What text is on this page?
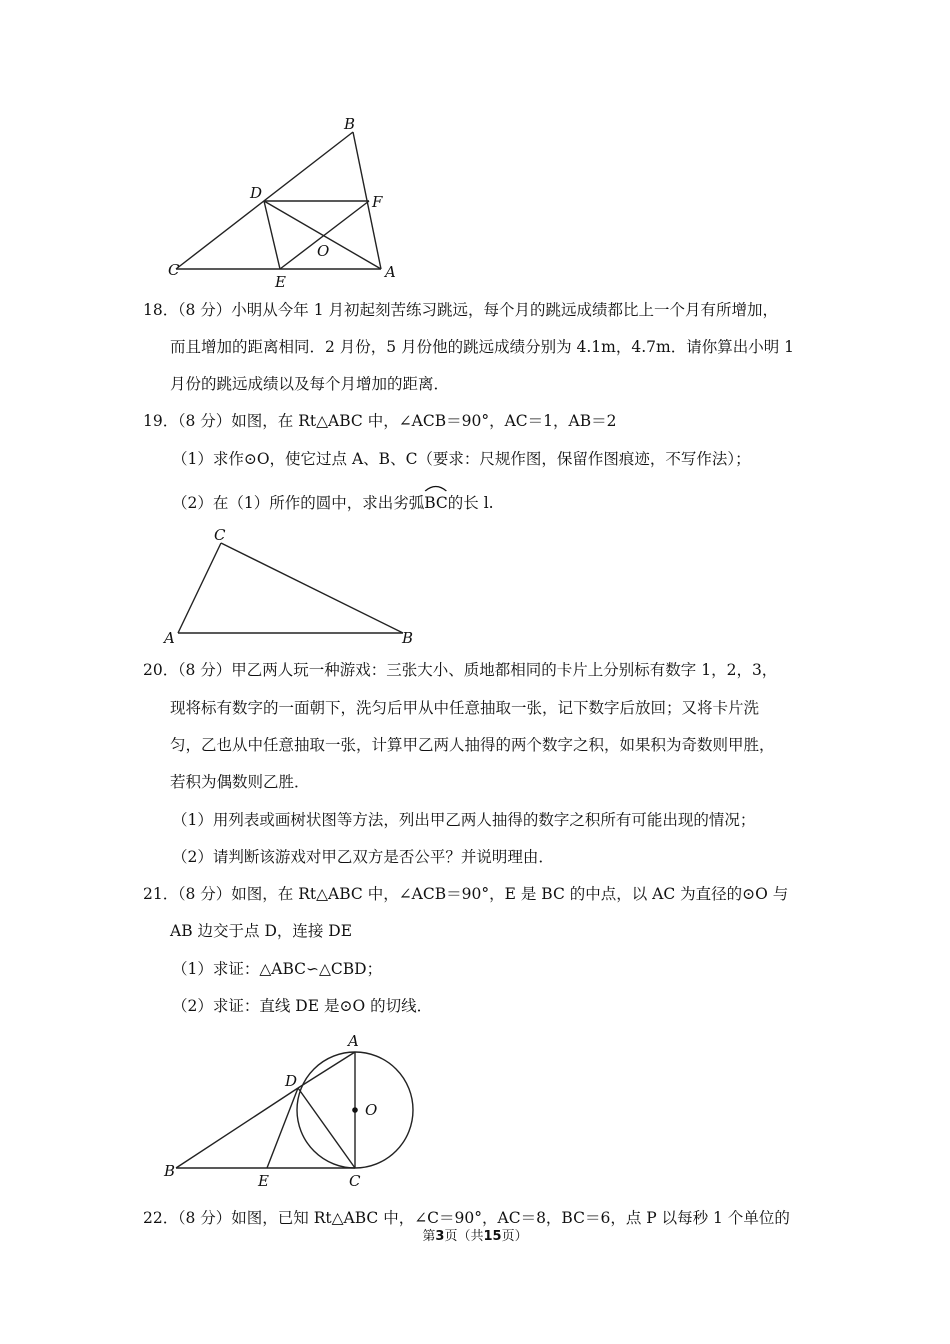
B
D	F
O
C
E
A
18．
（8 分）小明从今年 1 月初起刻苦练习跳远，每个月的跳远成绩都比上一个月有所增加，
而且增加的距离相同．2 月份，5 月份他的跳远成绩分别为 4.1m，4.7m．请你算出小明 1
月份的跳远成绩以及每个月增加的距离．
19．
（8 分）如图，在 Rt△ABC 中，∠ACB＝90°，AC＝1，AB＝2
（1）求作⊙O，使它过点 A、B、C（要求：尺规作图，保留作图痕迹，不写作法）；
（2）在（1）所作的圆中，求出劣弧
BC的长 l.
C
A	B
20．
（8 分）甲乙两人玩一种游戏：三张大小、质地都相同的卡片上分别标有数字 1，2，3，
现将标有数字的一面朝下，洗匀后甲从中任意抽取一张，记下数字后放回；又将卡片洗
匀，乙也从中任意抽取一张，计算甲乙两人抽得的两个数字之积，如果积为奇数则甲胜，
若积为偶数则乙胜．
（1）用列表或画树状图等方法，列出甲乙两人抽得的数字之积所有可能出现的情况；
（2）请判断该游戏对甲乙双方是否公平？并说明理由．
21．
（8 分）如图，在 Rt△ABC 中，∠ACB＝90°，E 是 BC 的中点，以 AC 为直径的⊙O 与
AB 边交于点 D，连接 DE
（1）求证：△ABC∽△CBD；
（2）求证：直线 DE 是⊙O 的切线．
A
D
O
B
E	C
22．
（8 分）如图，已知 Rt△ABC 中，∠C＝90°，AC＝8，BC＝6，点 P 以每秒 1 个单位的
第3页（共15页）
